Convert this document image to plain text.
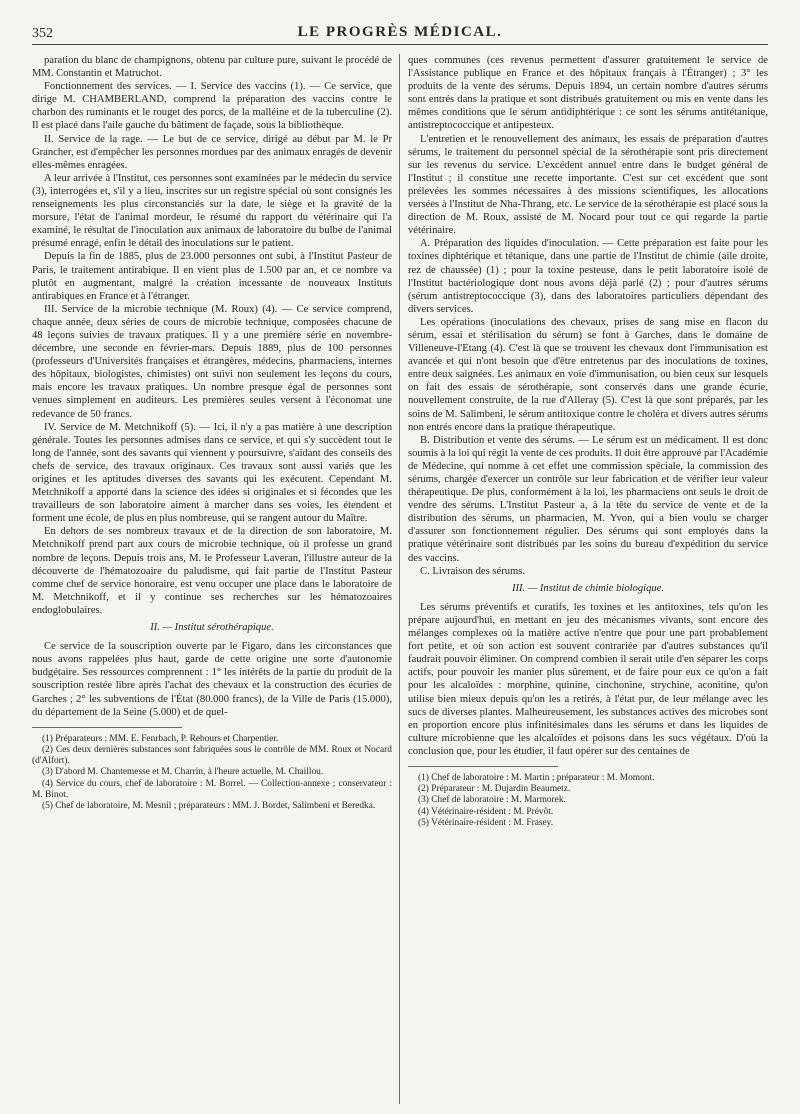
352	LE PROGRÈS MÉDICAL.

paration du blanc de champignons, obtenu par culture pure, suivant le procédé de MM. Constantin et Matruchot.

Fonctionnement des services. — I. Service des vaccins (1). — Ce service, que dirige M. CHAMBERLAND, comprend la préparation des vaccins contre le charbon des ruminants et le rouget des porcs, de la malléine et de la tuberculine (2). Il est placé dans l'aile gauche du bâtiment de façade, sous la bibliothèque.

II. Service de la rage. — Le but de ce service, dirigé au début par M. le Pr Grancher, est d'empêcher les personnes mordues par des animaux enragés de devenir elles-mêmes enragées.

A leur arrivée à l'Institut, ces personnes sont examinées par le médecin du service (3), interrogées et, s'il y a lieu, inscrites sur un registre spécial où sont consignés les renseignements les plus circonstanciés sur la date, le siège et la gravité de la morsure, l'état de l'animal mordeur, le résumé du rapport du vétérinaire qui l'a examiné, le résultat de l'inoculation aux animaux de laboratoire du bulbe de l'animal présumé enragé, enfin le détail des inoculations sur le patient.

Depuis la fin de 1885, plus de 23.000 personnes ont subi, à l'Institut Pasteur de Paris, le traitement antirabique. Il en vient plus de 1.500 par an, et ce nombre va plutôt en augmentant, malgré la création incessante de nouveaux Instituts antirabiques en France et à l'étranger.

III. Service de la microbie technique (M. Roux) (4). — Ce service comprend, chaque année, deux séries de cours de microbie technique, composées chacune de 48 leçons suivies de travaux pratiques. Il y a une première série en novembre-décembre, une seconde en février-mars. Depuis 1889, plus de 100 personnes (professeurs d'Universités françaises et étrangères, médecins, pharmaciens, internes des hôpitaux, biologistes, chimistes) ont suivi non seulement les leçons du cours, mais encore les travaux pratiques. Un nombre presque égal de personnes sont venues simplement en auditeurs. Les premières seules versent à l'économat une redevance de 50 francs.

IV. Service de M. Metchnikoff (5). — Ici, il n'y a pas matière à une description générale. Toutes les personnes admises dans ce service, et qui s'y succèdent tout le long de l'année, sont des savants qui viennent y poursuivre, s'aidant des conseils des chefs de service, des travaux originaux. Ces travaux sont aussi variés que les origines et les aptitudes diverses des savants qui les exécutent. Cependant M. Metchnikoff a apporté dans la science des idées si originales et si fécondes que les travailleurs de son laboratoire aiment à marcher dans ses voies, les étendent et forment une école, de plus en plus nombreuse, qui se rangent autour du Maître.

En dehors de ses nombreux travaux et de la direction de son laboratoire, M. Metchnikoff prend part aux cours de microbie technique, où il professe un grand nombre de leçons. Depuis trois ans, M. le Professeur Laveran, l'illustre auteur de la découverte de l'hématozoaire du paludisme, qui fait partie de l'Institut Pasteur comme chef de service honoraire, est venu occuper une place dans le laboratoire de M. Metchnikoff, et il y continue ses recherches sur les hématozoaires endoglobulaires.

II. — Institut sérothérapique.

Ce service de la souscription ouverte par le Figaro, dans les circonstances que nous avons rappelées plus haut, garde de cette origine une sorte d'autonomie budgétaire. Ses ressources comprennent : 1° les intérêts de la partie du produit de la souscription restée libre après l'achat des chevaux et la construction des écuries de Garches ; 2° les subventions de l'État (80.000 francs), de la Ville de Paris (15.000), du département de la Seine (5.000) et de quel-

(1) Préparateurs : MM. E. Fenrbach, P. Rebours et Charpentier.

(2) Ces deux dernières substances sont fabriquées sous le contrôle de MM. Roux et Nocard (d'Alfort).

(3) D'abord M. Chantemesse et M. Charrin, à l'heure actuelle, M. Chaillou.

(4) Service du cours, chef de laboratoire : M. Borrel. — Collection-annexe ; conservateur : M. Binot.

(5) Chef de laboratoire, M. Mesnil ; préparateurs : MM. J. Bordet, Salimbeni et Beredka.

ques communes (ces revenus permettent d'assurer gratuitement le service de l'Assistance publique en France et des hôpitaux français à l'Étranger) ; 3° les produits de la vente des sérums. Depuis 1894, un certain nombre d'autres sérums sont entrés dans la pratique et sont distribués gratuitement ou mis en vente dans les mêmes conditions que le sérum antidiphtérique : ce sont les sérums antitétanique, antistreptococcique et antipesteux.

L'entretien et le renouvellement des animaux, les essais de préparation d'autres sérums, le traitement du personnel spécial de la sérothérapie sont pris directement sur les revenus du service. L'excédent annuel entre dans le budget général de l'Institut ; il constitue une recette importante. C'est sur cet excédent que sont prélevées les sommes nécessaires à des missions scientifiques, les allocations versées à l'Institut de Nha-Thrang, etc. Le service de la sérothérapie est placé sous la direction de M. Roux, assisté de M. Nocard pour tout ce qui regarde la partie vétérinaire.

A. Préparation des liquides d'inoculation. — Cette préparation est faite pour les toxines diphtérique et tétanique, dans une partie de l'Institut de chimie (aile droite, rez de chaussée) (1) ; pour la toxine pesteuse, dans le petit laboratoire isolé de l'Institut bactériologique dont nous avons déjà parlé (2) ; pour d'autres sérums (sérum antistreptococcique (3), dans des laboratoires particuliers dépendant des divers services.

Les opérations (inoculations des chevaux, prises de sang mise en flacon du sérum, essai et stérilisation du sérum) se font à Garches, dans le domaine de Villeneuve-l'Etang (4). C'est là que se trouvent les chevaux dont l'immunisation est avancée et qui n'ont besoin que d'être entretenus par des inoculations de toxines, entre deux saignées. Les animaux en voie d'immunisation, ou bien ceux sur lesquels on fait des essais de sérothérapie, sont conservés dans une grande écurie, nouvellement construite, de la rue d'Alleray (5). C'est là que sont préparés, par les soins de M. Salimbeni, le sérum antitoxique contre le choléra et divers autres sérums non entrés encore dans la pratique thérapeutique.

B. Distribution et vente des sérums. — Le sérum est un médicament. Il est donc soumis à la loi qui régit la vente de ces produits. Il doit être approuvé par l'Académie de Médecine, qui nomme à cet effet une commission spéciale, la commission des sérums, chargée d'exercer un contrôle sur leur fabrication et de vérifier leur valeur thérapeutique. De plus, conformément à la loi, les pharmaciens ont seuls le droit de vendre des sérums. L'Institut Pasteur a, à la tête du service de vente et de la distribution des sérums, un pharmacien, M. Yvon, qui a bien voulu se charger d'assurer son fonctionnement régulier. Des sérums qui sont employés dans la pratique vétérinaire sont distribués par les soins du bureau d'expédition du service des vaccins.

C. Livraison des sérums.

III. — Institut de chimie biologique.

Les sérums préventifs et curatifs, les toxines et les antitoxines, tels qu'on les prépare aujourd'hui, en mettant en jeu des mécanismes vivants, sont encore des mélanges complexes où la matière active n'entre que pour une part probablement fort petite, et où son action est souvent contrariée par d'autres substances qu'il faudrait pouvoir éliminer. On comprend combien il serait utile d'en séparer les corps actifs, pour pouvoir les manier plus sûrement, et de faire pour eux ce qu'on a fait pour les alcaloïdes : morphine, quinine, cinchonine, strychine, aconitine, qu'on utilise bien mieux depuis qu'on les a retirés, à l'état pur, de leur mélange avec les sucs de diverses plantes. Malheureusement, les substances actives des microbes sont en proportion encore plus infinitésimales dans les sérums et dans les liquides de culture microbienne que les alcaloïdes et poisons dans les sucs végétaux. D'où la conclusion que, pour les étudier, il faut opérer sur des centaines de

(1) Chef de laboratoire : M. Martin ; préparateur : M. Momont.

(2) Préparateur : M. Dujardin Beaumetz.

(3) Chef de laboratoire : M. Marmorek.

(4) Vétérinaire-résident : M. Prévôt.

(5) Vétérinaire-résident : M. Frasey.
